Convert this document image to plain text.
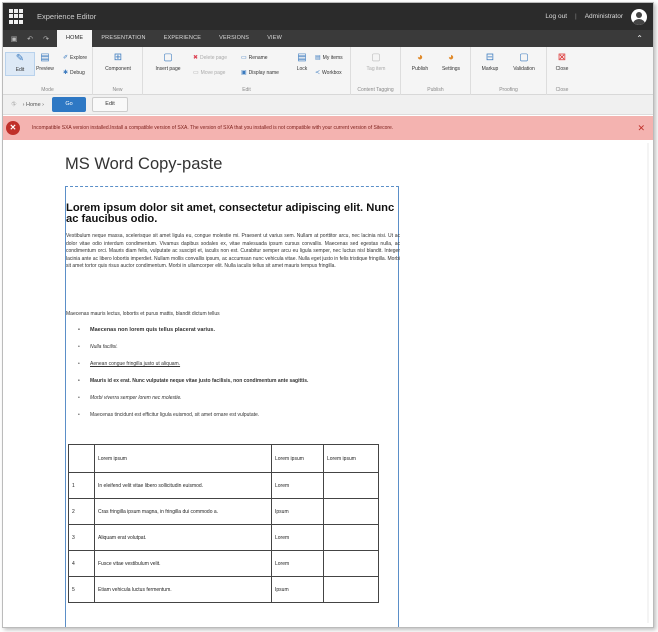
Experience Editor	Log out | Administrator
▣ ↶ ↷	HOME	PRESENTATION	EXPERIENCE	VERSIONS	VIEW	⌃
✎
Edit
▤
Preview
✐ Explore
✱ Debug
Mode
⊞
Component
New
▢
Insert page
✖ Delete page
▭ Move page
▭ Rename
▣ Display name
▤
Lock
▤ My items
≺ Workbox
Edit
▢
Tag item
Content Tagging
◕
Publish
◕
Settings
Publish
⊟
Markup
▢
Validation
Proofing
⊠
Close
Close
⛗ › Home ›	Go	Edit
✕	Incompatible SXA version installed.Install a compatible version of SXA. The version of SXA that you installed is not compatible with your current version of Sitecore.	✕
MS Word Copy-paste
Lorem ipsum dolor sit amet, consectetur adipiscing elit. Nunc ac faucibus odio.
Vestibulum neque massa, scelerisque sit amet ligula eu, congue molestie mi. Praesent ut varius sem. Nullam at porttitor arcu, nec lacinia nisi. Ut ac dolor vitae odio interdum condimentum. Vivamus dapibus sodales ex, vitae malesuada ipsum cursus convallis. Maecenas sed egestas nulla, ac condimentum orci. Mauris diam felis, vulputate ac suscipit et, iaculis non est. Curabitur semper arcu eu ligula semper, nec luctus nisl blandit. Integer lacinia ante ac libero lobortis imperdiet. Nullam mollis convallis ipsum, ac accumsan nunc vehicula vitae. Nulla eget justo in felis tristique fringilla. Morbi sit amet tortor quis risus auctor condimentum. Morbi in ullamcorper elit. Nulla iaculis tellus sit amet mauris tempus fringilla.
Maecenas mauris lectus, lobortis et purus mattis, blandit dictum tellus
• Maecenas non lorem quis tellus placerat varius.
• Nulla facilisi.
• Aenean congue fringilla justo ut aliquam.
• Mauris id ex erat. Nunc vulputate neque vitae justo facilisis, non condimentum ante sagittis.
• Morbi viverra semper lorem nec molestie.
• Maecenas tincidunt est efficitur ligula euismod, sit amet ornare est vulputate.
	Lorem ipsum	Lorem ipsum	Lorem ipsum
1	In eleifend velit vitae libero sollicitudin euismod.	Lorem	
2	Cras fringilla ipsum magna, in fringilla dui commodo a.	Ipsum	
3	Aliquam erat volutpat.	Lorem	
4	Fusce vitae vestibulum velit.	Lorem	
5	Etiam vehicula luctus fermentum.	Ipsum	
